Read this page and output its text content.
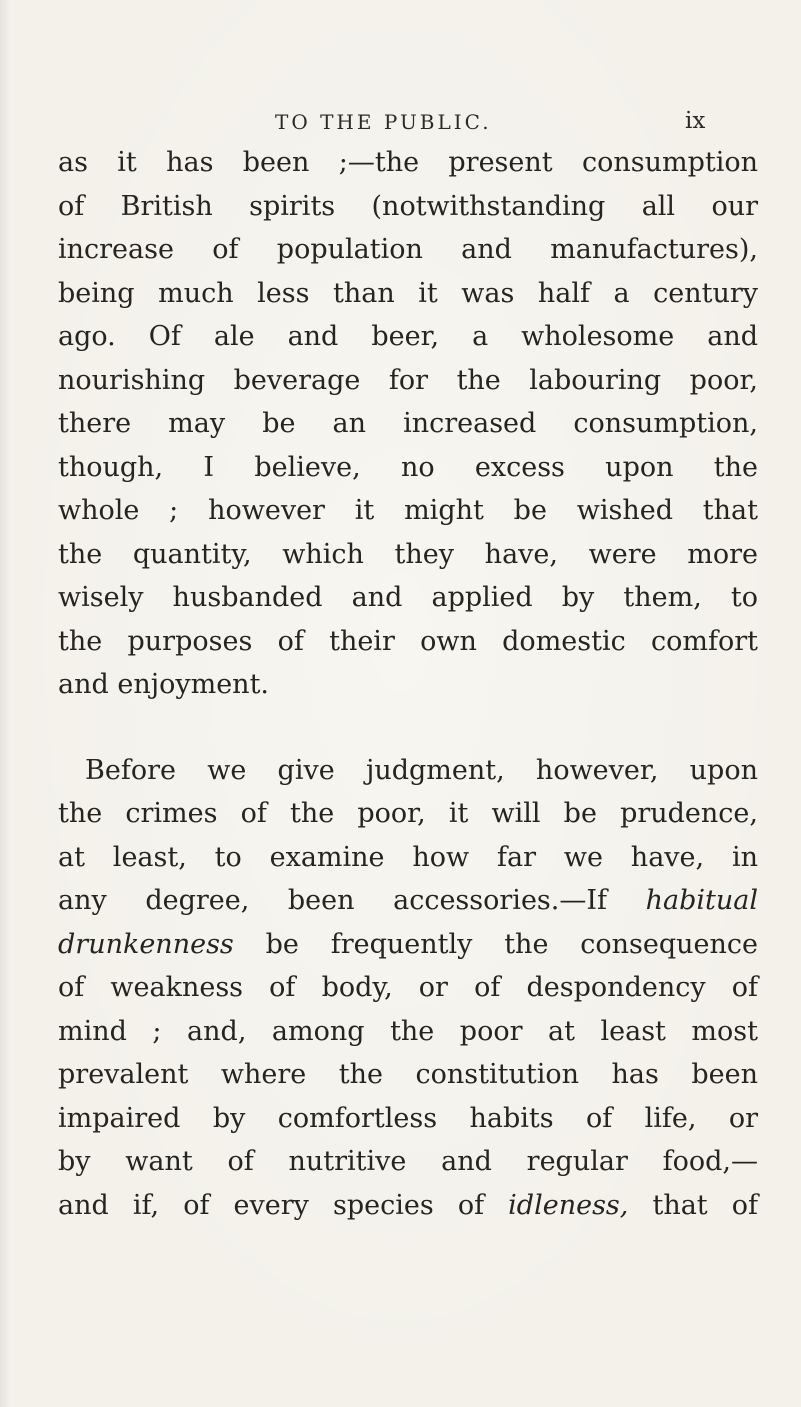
TO THE PUBLIC.	ix
as it has been ;—the present consumption
of British spirits (notwithstanding all our
increase of population and manufactures),
being much less than it was half a century
ago. Of ale and beer, a wholesome and
nourishing beverage for the labouring poor,
there may be an increased consumption,
though, I believe, no excess upon the
whole ; however it might be wished that
the quantity, which they have, were more
wisely husbanded and applied by them, to
the purposes of their own domestic comfort
and enjoyment.
Before we give judgment, however, upon
the crimes of the poor, it will be prudence,
at least, to examine how far we have, in
any degree, been accessories.—If habitual
drunkenness be frequently the consequence
of weakness of body, or of despondency of
mind ; and, among the poor at least most
prevalent where the constitution has been
impaired by comfortless habits of life, or
by want of nutritive and regular food,—
and if, of every species of idleness, that of
